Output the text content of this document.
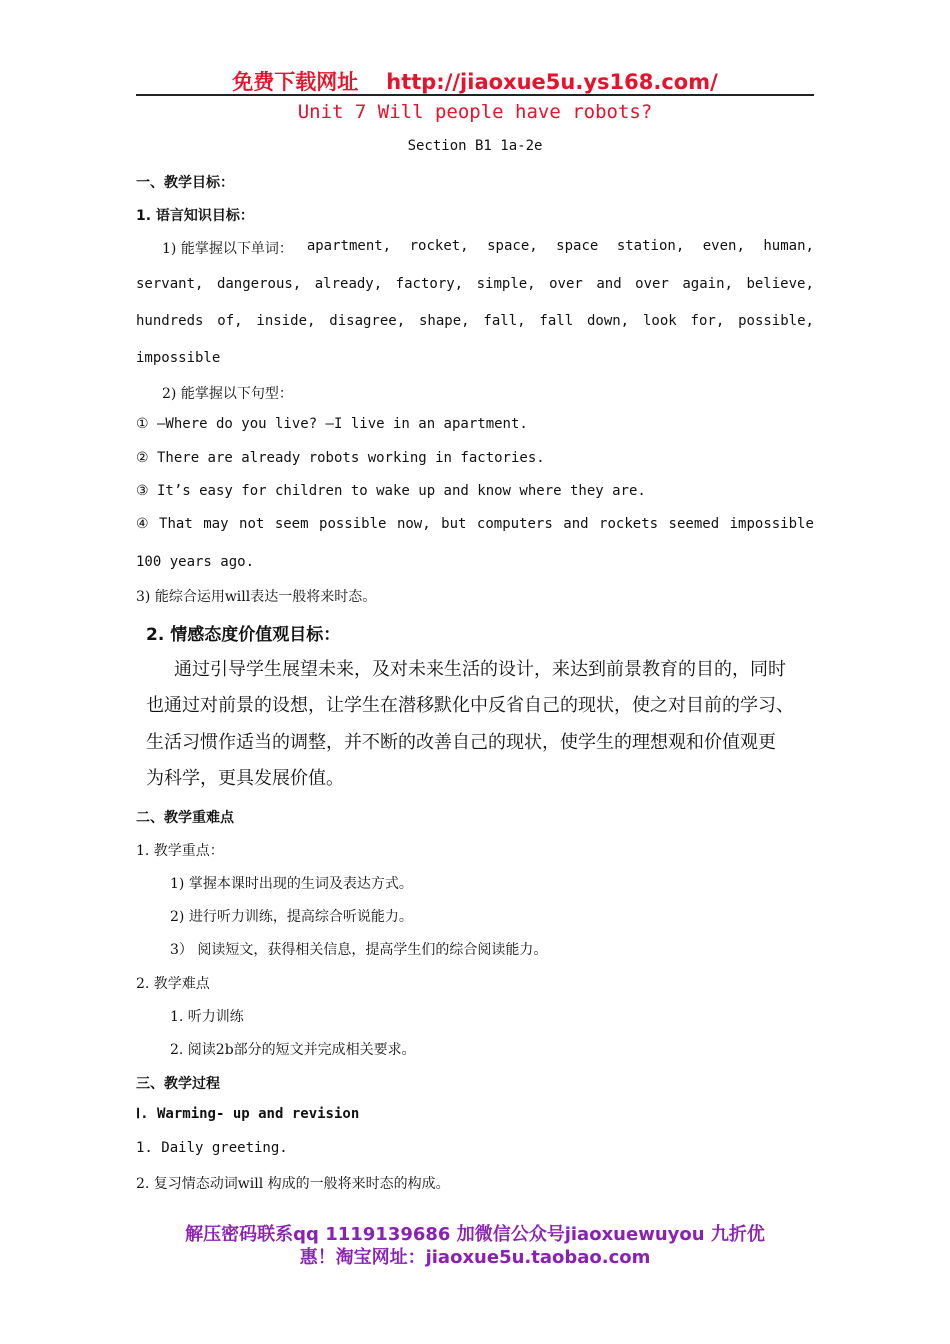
免费下载网址 http://jiaoxue5u.ys168.com/
Unit 7 Will people have robots?
Section B1 1a-2e
一、教学目标：
1. 语言知识目标：
1) 能掌握以下单词： apartment, rocket, space, space station, even, human,
servant, dangerous, already, factory, simple, over and over again, believe,
hundreds of, inside, disagree, shape, fall, fall down, look for, possible,
impossible
2) 能掌握以下句型：
① —Where do you live? —I live in an apartment.
② There are already robots working in factories.
③ It’s easy for children to wake up and know where they are.
④ That may not seem possible now, but computers and rockets seemed impossible
100 years ago.
3) 能综合运用will表达一般将来时态。
2. 情感态度价值观目标：
通过引导学生展望未来，及对未来生活的设计，来达到前景教育的目的，同时
也通过对前景的设想，让学生在潜移默化中反省自己的现状，使之对目前的学习、
生活习惯作适当的调整，并不断的改善自己的现状，使学生的理想观和价值观更
为科学，更具发展价值。
二、教学重难点
1. 教学重点：
1) 掌握本课时出现的生词及表达方式。
2) 进行听力训练，提高综合听说能力。
3） 阅读短文，获得相关信息，提高学生们的综合阅读能力。
2. 教学难点
1. 听力训练
2. 阅读2b部分的短文并完成相关要求。
三、教学过程
Ⅰ. Warming- up and revision
1. Daily greeting.
2. 复习情态动词will 构成的一般将来时态的构成。
解压密码联系qq 1119139686 加微信公众号jiaoxuewuyou 九折优
惠！淘宝网址：jiaoxue5u.taobao.com
